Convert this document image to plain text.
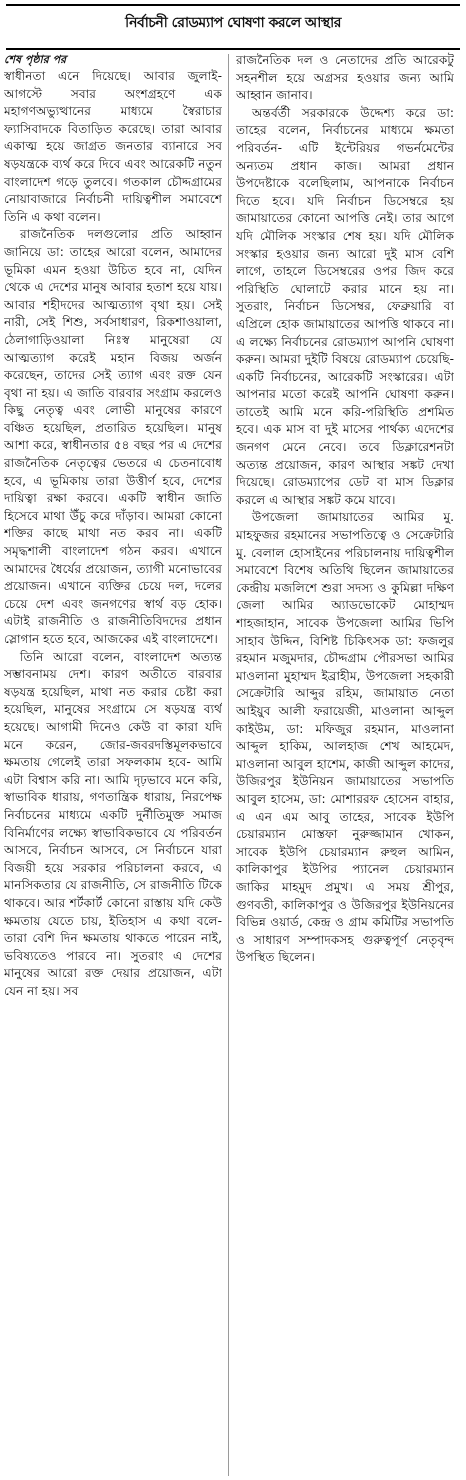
নির্বাচনী রোডম্যাপ ঘোষণা করলে আস্থার
শেষ পৃষ্ঠার পর

স্বাধীনতা এনে দিয়েছে। আবার জুলাই-আগস্টে সবার অংশগ্রহণে এক মহাগণঅভ্যুত্থানের মাধ্যমে স্বৈরাচার ফ্যাসিবাদকে বিতাড়িত করেছে। তারা আবার একাত্ম হয়ে জাগ্রত জনতার ব্যানারে সব ষড়যন্ত্রকে ব্যর্থ করে দিবে এবং আরেকটি নতুন বাংলাদেশ গড়ে তুলবে। গতকাল চৌদ্দগ্রামের নোয়াবাজারে নির্বাচনী দায়িত্বশীল সমাবেশে তিনি এ কথা বলেন।

রাজনৈতিক দলগুলোর প্রতি আহ্বান জানিয়ে ডা: তাহের আরো বলেন, আমাদের ভূমিকা এমন হওয়া উচিত হবে না, যেদিন থেকে এ দেশের মানুষ আবার হতাশ হয়ে যায়। আবার শহীদদের আত্মত্যাগ বৃথা হয়। সেই নারী, সেই শিশু, সর্বসাধারণ, রিকশাওয়ালা, ঠেলাগাড়িওয়ালা নিঃস্ব মানুষেরা যে আত্মত্যাগ করেই মহান বিজয় অর্জন করেছেন, তাদের সেই ত্যাগ এবং রক্ত যেন বৃথা না হয়। এ জাতি বারবার সংগ্রাম করলেও কিছু নেতৃত্ব এবং লোভী মানুষের কারণে বঞ্চিত হয়েছিল, প্রতারিত হয়েছিল। মানুষ আশা করে, স্বাধীনতার ৫৪ বছর পর এ দেশের রাজনৈতিক নেতৃত্বের ভেতরে এ চেতনাবোধ হবে, এ ভূমিকায় তারা উত্তীর্ণ হবে, দেশের দায়িত্বা রক্ষা করবে। একটি স্বাধীন জাতি হিসেবে মাথা উঁচু করে দাঁড়াব। আমরা কোনো শক্তির কাছে মাথা নত করব না। একটি সমৃদ্ধশালী বাংলাদেশ গঠন করব। এখানে আমাদের ধৈর্যের প্রয়োজন, ত্যাগী মনোভাবের প্রয়োজন। এখানে ব্যক্তির চেয়ে দল, দলের চেয়ে দেশ এবং জনগণের স্বার্থ বড় হোক। এটাই রাজনীতি ও রাজনীতিবিদদের প্রধান স্লোগান হতে হবে, আজকের এই বাংলাদেশে।

তিনি আরো বলেন, বাংলাদেশ অত্যন্ত সম্ভাবনাময় দেশ। কারণ অতীতে বারবার ষড়যন্ত্র হয়েছিল, মাথা নত করার চেষ্টা করা হয়েছিল, মানুষের সংগ্রামে সে ষড়যন্ত্র ব্যর্থ হয়েছে। আগামী দিনেও কেউ বা কারা যদি মনে করেন, জোর-জবরদস্তিমূলকভাবে ক্ষমতায় গেলেই তারা সফলকাম হবে- আমি এটা বিশ্বাস করি না। আমি দৃঢ়ভাবে মনে করি, স্বাভাবিক ধারায়, গণতান্ত্রিক ধারায়, নিরপেক্ষ নির্বাচনের মাধ্যমে একটি দুর্নীতিমুক্ত সমাজ বিনির্মাণের লক্ষ্যে স্বাভাবিকভাবে যে পরিবর্তন আসবে, নির্বাচন আসবে, সে নির্বাচনে যারা বিজয়ী হয়ে সরকার পরিচালনা করবে, এ মানসিকতার যে রাজনীতি, সে রাজনীতি টিকে থাকবে। আর শর্টকার্ট কোনো রাস্তায় যদি কেউ ক্ষমতায় যেতে চায়, ইতিহাস এ কথা বলে- তারা বেশি দিন ক্ষমতায় থাকতে পারেন নাই, ভবিষ্যতেও পারবে না। সুতরাং এ দেশের মানুষের আরো রক্ত দেয়ার প্রয়োজন, এটা যেন না হয়। সব

রাজনৈতিক দল ও নেতাদের প্রতি আরেকটু সহনশীল হয়ে অগ্রসর হওয়ার জন্য আমি আহ্বান জানাব।

অন্তর্বর্তী সরকারকে উদ্দেশ্য করে ডা: তাহের বলেন, নির্বাচনের মাধ্যমে ক্ষমতা পরিবর্তন- এটি ইন্টেরিয়র গভর্নমেন্টের অন্যতম প্রধান কাজ। আমরা প্রধান উপদেষ্টাকে বলেছিলাম, আপনাকে নির্বাচন দিতে হবে। যদি নির্বাচন ডিসেম্বরে হয় জামায়াতের কোনো আপত্তি নেই। তার আগে যদি মৌলিক সংস্কার শেষ হয়। যদি মৌলিক সংস্কার হওয়ার জন্য আরো দুই মাস বেশি লাগে, তাহলে ডিসেম্বরের ওপর জিদ করে পরিস্থিতি ঘোলাটে করার মানে হয় না। সুতরাং, নির্বাচন ডিসেম্বর, ফেব্রুয়ারি বা এপ্রিলে হোক জামায়াতের আপত্তি থাকবে না। এ লক্ষ্যে নির্বাচনের রোডম্যাপ আপনি ঘোষণা করুন। আমরা দুইটি বিষয়ে রোডম্যাপ চেয়েছি- একটি নির্বাচনের, আরেকটি সংস্কারের। এটা আপনার মতো করেই আপনি ঘোষণা করুন। তাতেই আমি মনে করি-পরিস্থিতি প্রশমিত হবে। এক মাস বা দুই মাসের পার্থক্য এদেশের জনগণ মেনে নেবে। তবে ডিক্লারেশনটা অত্যন্ত প্রয়োজন, কারণ আস্থার সঙ্কট দেখা দিয়েছে। রোডম্যাপের ডেট বা মাস ডিক্লার করলে এ আস্থার সঙ্কট কমে যাবে।

উপজেলা জামায়াতের আমির মু. মাহফুজর রহমানের সভাপতিত্বে ও সেক্রেটারি মু. বেলাল হোসাইনের পরিচালনায় দায়িত্বশীল সমাবেশে বিশেষ অতিথি ছিলেন জামায়াতের কেন্দ্রীয় মজলিশে শুরা সদস্য ও কুমিল্লা দক্ষিণ জেলা আমির অ্যাডভোকেট মোহাম্মদ শাহজাহান, সাবেক উপজেলা আমির ভিপি সাহাব উদ্দিন, বিশিষ্ট চিকিৎসক ডা: ফজলুর রহমান মজুমদার, চৌদ্দগ্রাম পৌরসভা আমির মাওলানা মুহাম্মদ ইব্রাহীম, উপজেলা সহকারী সেক্রেটারি আব্দুর রহিম, জামায়াত নেতা আইয়ুব আলী ফরায়েজী, মাওলানা আব্দুল কাইউম, ডা: মফিজুর রহমান, মাওলানা আব্দুল হাকিম, আলহাজ শেখ আহমেদ, মাওলানা আবুল হাশেম, কাজী আব্দুল কাদের, উজিরপুর ইউনিয়ন জামায়াতের সভাপতি আবুল হাসেম, ডা: মোশাররফ হোসেন বাহার, এ এন এম আবু তাহের, সাবেক ইউপি চেয়ারম্যান মোস্তফা নুরুজ্জামান খোকন, সাবেক ইউপি চেয়ারম্যান রুহুল আমিন, কালিকাপুর ইউপির প্যানেল চেয়ারম্যান জাকির মাহমুদ প্রমুখ। এ সময় শ্রীপুর, গুণবতী, কালিকাপুর ও উজিরপুর ইউনিয়নের বিভিন্ন ওয়ার্ড, কেন্দ্র ও গ্রাম কমিটির সভাপতি ও সাধারণ সম্পাদকসহ গুরুত্বপূর্ণ নেতৃবৃন্দ উপস্থিত ছিলেন।
